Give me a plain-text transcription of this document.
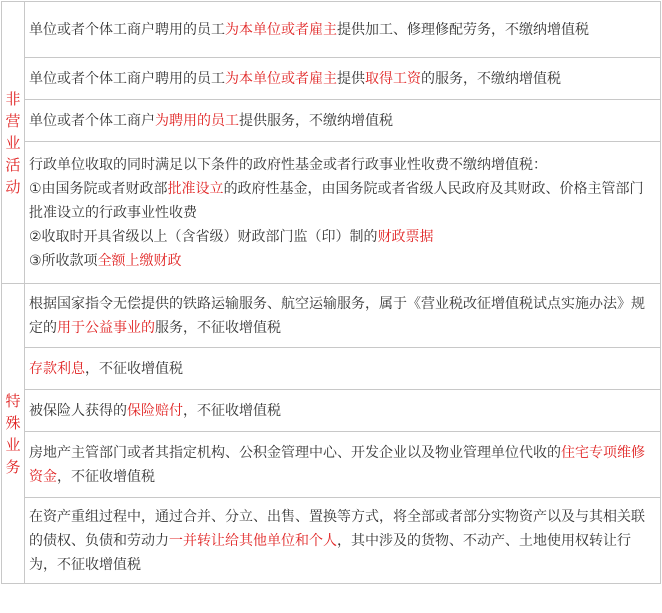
非
营
业
活
动	单位或者个体工商户聘用的员工为本单位或者雇主提供加工、修理修配劳务，不缴纳增值税
	单位或者个体工商户聘用的员工为本单位或者雇主提供取得工资的服务，不缴纳增值税
	单位或者个体工商户为聘用的员工提供服务，不缴纳增值税

	行政单位收取的同时满足以下条件的政府性基金或者行政事业性收费不缴纳增值税：
①由国务院或者财政部批准设立的政府性基金，由国务院或者省级人民政府及其财政、价格主管部门批准设立的行政事业性收费
②收取时开具省级以上（含省级）财政部门监（印）制的财政票据
③所收款项全额上缴财政

特
殊
业
务	根据国家指令无偿提供的铁路运输服务、航空运输服务，属于《营业税改征增值税试点实施办法》规定的用于公益事业的服务，不征收增值税
	存款利息，不征收增值税
	被保险人获得的保险赔付，不征收增值税
	房地产主管部门或者其指定机构、公积金管理中心、开发企业以及物业管理单位代收的住宅专项维修资金，不征收增值税
	在资产重组过程中，通过合并、分立、出售、置换等方式，将全部或者部分实物资产以及与其相关联的债权、负债和劳动力一并转让给其他单位和个人，其中涉及的货物、不动产、土地使用权转让行为，不征收增值税
